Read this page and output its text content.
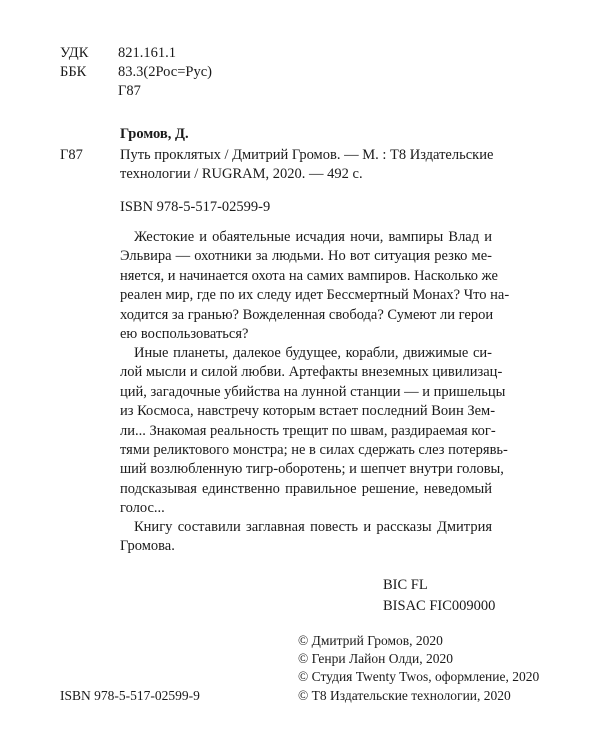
УДК 821.161.1
ББК 83.3(2Рос=Рус)
Г87
Громов, Д.
Г87	Путь проклятых / Дмитрий Громов. — М. : Т8 Издательские
технологии / RUGRAM, 2020. — 492 с.
ISBN 978-5-517-02599-9

Жестокие и обаятельные исчадия ночи, вампиры Влад и
Эльвира — охотники за людьми. Но вот ситуация резко ме-
няется, и начинается охота на самих вампиров. Насколько же
реален мир, где по их следу идет Бессмертный Монах? Что на-
ходится за гранью? Вожделенная свобода? Сумеют ли герои
ею воспользоваться?

Иные планеты, далекое будущее, корабли, движимые си-
лой мысли и силой любви. Артефакты внеземных цивилизац-
ций, загадочные убийства на лунной станции — и пришельцы
из Космоса, навстречу которым встает последний Воин Зем-
ли... Знакомая реальность трещит по швам, раздираемая ког-
тями реликтового монстра; не в силах сдержать слез потерявь-
ший возлюбленную тигр-оборотень; и шепчет внутри головы,
подсказывая единственно правильное решение, неведомый
голос...

Книгу составили заглавная повесть и рассказы Дмитрия
Громова.

BIC FL
BISAC FIC009000
ISBN 978-5-517-02599-9
© Дмитрий Громов, 2020
© Генри Лайон Олди, 2020
© Студия Twenty Twos, оформление, 2020
© Т8 Издательские технологии, 2020
